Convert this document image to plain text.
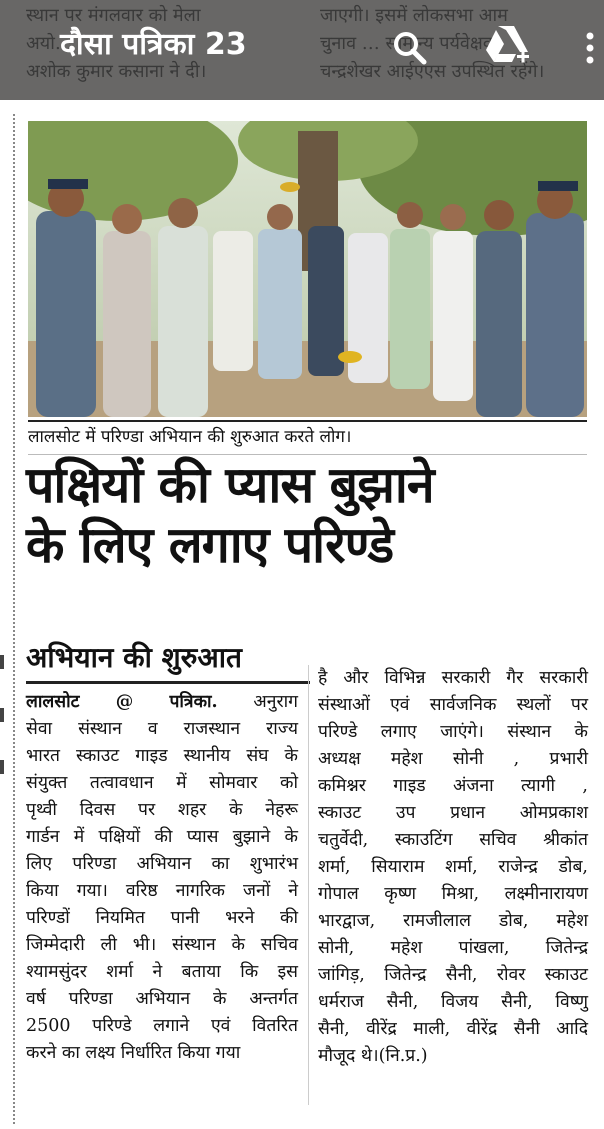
दौसा पत्रिका 23
लालसोट में परिण्डा अभियान की शुरुआत करते लोग।
पक्षियों की प्यास बुझाने
के लिए लगाए परिण्डे
अभियान की शुरुआत
लालसोट @ पत्रिका. अनुराग
सेवा संस्थान व राजस्थान राज्य
भारत स्काउट गाइड स्थानीय संघ के
संयुक्त तत्वावधान में सोमवार को
पृथ्वी दिवस पर शहर के नेहरू
गार्डन में पक्षियों की प्यास बुझाने के
लिए परिण्डा अभियान का शुभारंभ
किया गया। वरिष्ठ नागरिक जनों ने
परिण्डों नियमित पानी भरने की
जिम्मेदारी ली भी। संस्थान के सचिव
श्यामसुंदर शर्मा ने बताया कि इस
वर्ष परिण्डा अभियान के अन्तर्गत
2500 परिण्डे लगाने एवं वितरित
करने का लक्ष्य निर्धारित किया गया
है और विभिन्न सरकारी गैर सरकारी
संस्थाओं एवं सार्वजनिक स्थलों पर
परिण्डे लगाए जाएंगे। संस्थान के
अध्यक्ष महेश सोनी , प्रभारी
कमिश्नर गाइड अंजना त्यागी ,
स्काउट उप प्रधान ओमप्रकाश
चतुर्वेदी, स्काउटिंग सचिव श्रीकांत
शर्मा, सियाराम शर्मा, राजेन्द्र डोब,
गोपाल कृष्ण मिश्रा, लक्ष्मीनारायण
भारद्वाज, रामजीलाल डोब, महेश
सोनी, महेश पांखला, जितेन्द्र
जांगिड़, जितेन्द्र सैनी, रोवर स्काउट
धर्मराज सैनी, विजय सैनी, विष्णु
सैनी, वीरेंद्र माली, वीरेंद्र सैनी आदि
मौजूद थे।(नि.प्र.)
